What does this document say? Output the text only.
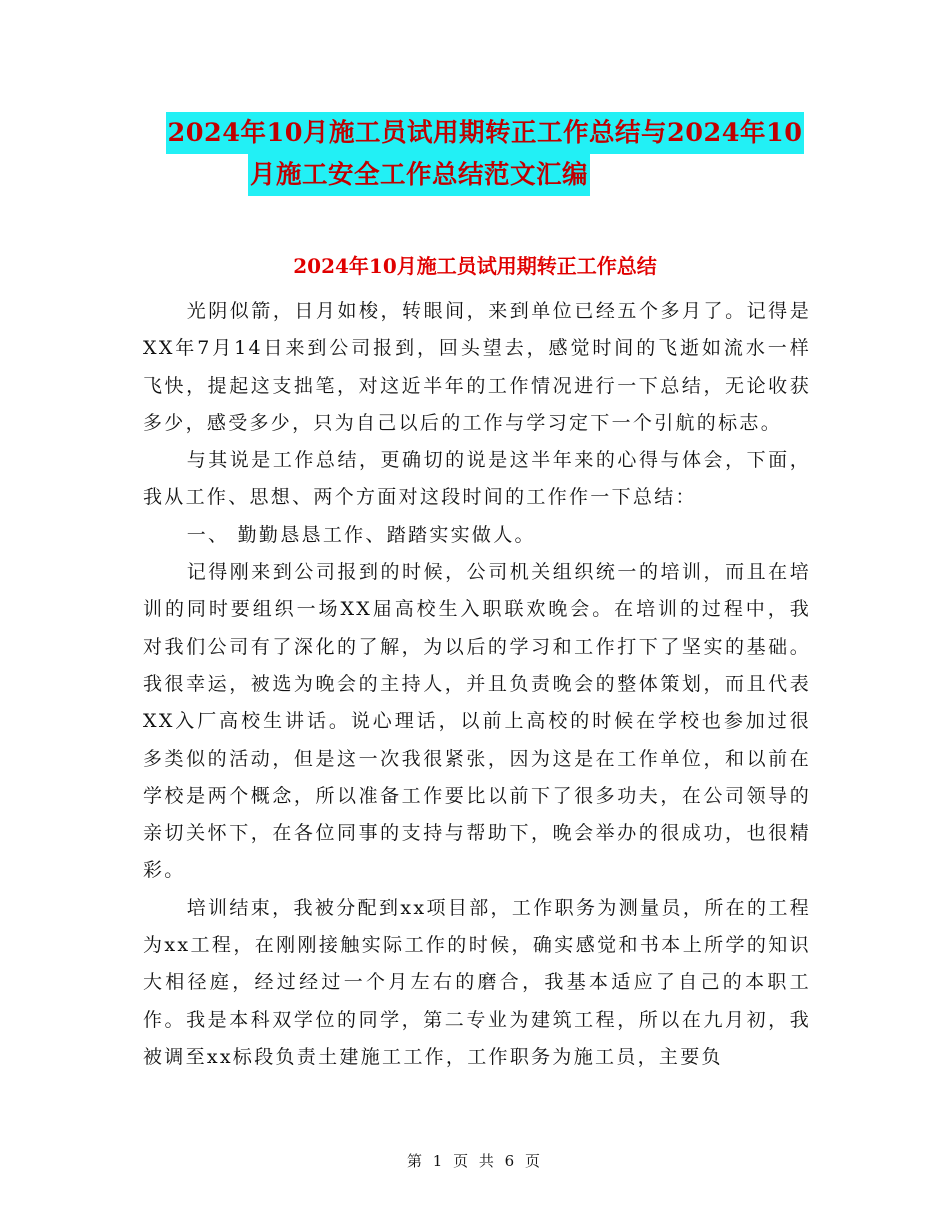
2024年10月施工员试用期转正工作总结与2024年10
月施工安全工作总结范文汇编
2024年10月施工员试用期转正工作总结

光阴似箭，日月如梭，转眼间，来到单位已经五个多月了。记得是XX年7月14日来到公司报到，回头望去，感觉时间的飞逝如流水一样飞快，提起这支拙笔，对这近半年的工作情况进行一下总结，无论收获多少，感受多少，只为自己以后的工作与学习定下一个引航的标志。

与其说是工作总结，更确切的说是这半年来的心得与体会，下面，我从工作、思想、两个方面对这段时间的工作作一下总结：

一、 勤勤恳恳工作、踏踏实实做人。

记得刚来到公司报到的时候，公司机关组织统一的培训，而且在培训的同时要组织一场XX届高校生入职联欢晚会。在培训的过程中，我对我们公司有了深化的了解，为以后的学习和工作打下了坚实的基础。我很幸运，被选为晚会的主持人，并且负责晚会的整体策划，而且代表XX入厂高校生讲话。说心理话，以前上高校的时候在学校也参加过很多类似的活动，但是这一次我很紧张，因为这是在工作单位，和以前在学校是两个概念，所以准备工作要比以前下了很多功夫，在公司领导的亲切关怀下，在各位同事的支持与帮助下，晚会举办的很成功，也很精彩。

培训结束，我被分配到xx项目部，工作职务为测量员，所在的工程为xx工程，在刚刚接触实际工作的时候，确实感觉和书本上所学的知识大相径庭，经过经过一个月左右的磨合，我基本适应了自己的本职工作。我是本科双学位的同学，第二专业为建筑工程，所以在九月初，我被调至xx标段负责土建施工工作，工作职务为施工员，主要负

第 1 页 共 6 页
